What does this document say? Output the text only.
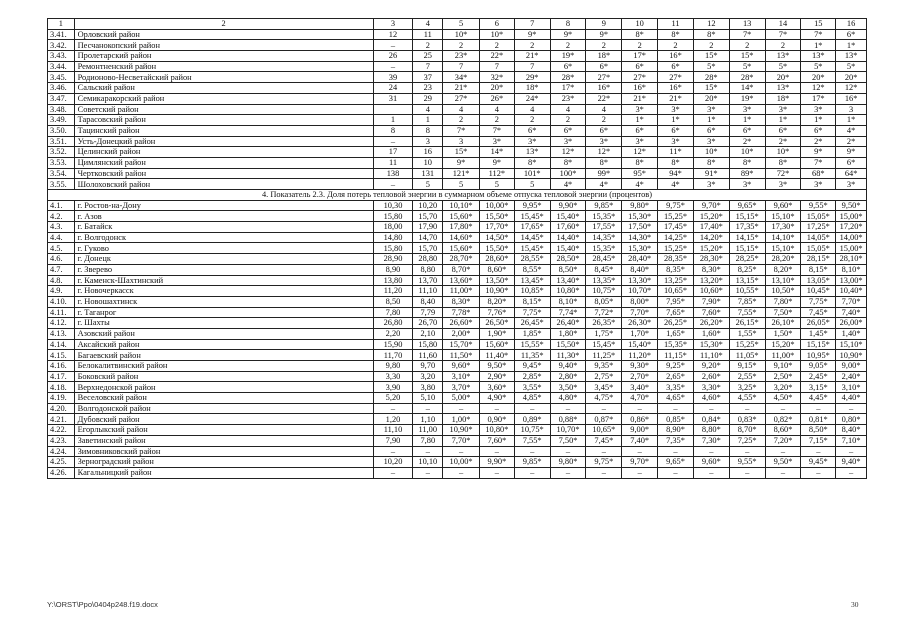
1	2	3	4	5	6	7	8	9	10	11	12	13	14	15	16
3.41.	Орловский район	12	11	10*	10*	9*	9*	9*	8*	8*	8*	7*	7*	7*	6*
3.42.	Песчанокопский район	–	2	2	2	2	2	2	2	2	2	2	2	1*	1*
3.43.	Пролетарский район	26	25	23*	22*	21*	19*	18*	17*	16*	15*	15*	13*	13*	13*
3.44.	Ремонтненский район	–	7	7	7	7	6*	6*	6*	6*	5*	5*	5*	5*	5*
3.45.	Родионово-Несветайский район	39	37	34*	32*	29*	28*	27*	27*	27*	28*	28*	20*	20*	20*
3.46.	Сальский район	24	23	21*	20*	18*	17*	16*	16*	16*	15*	14*	13*	12*	12*
3.47.	Семикаракорский район	31	29	27*	26*	24*	23*	22*	21*	21*	20*	19*	18*	17*	16*
3.48.	Советский район		4	4	4	4	4	4	3*	3*	3*	3*	3*	3*	3
3.49.	Тарасовский район	1	1	2	2	2	2	2	1*	1*	1*	1*	1*	1*	1*
3.50.	Тацинский район	8	8	7*	7*	6*	6*	6*	6*	6*	6*	6*	6*	6*	4*
3.51.	Усть-Донецкий район	–	3	3	3*	3*	3*	3*	3*	3*	3*	2*	2*	2*	2*
3.52.	Целинский район	17	16	15*	14*	13*	12*	12*	12*	11*	10*	10*	10*	9*	9*
3.53.	Цимлянский район	11	10	9*	9*	8*	8*	8*	8*	8*	8*	8*	8*	7*	6*
3.54.	Чертковский район	138	131	121*	112*	101*	100*	99*	95*	94*	91*	89*	72*	68*	64*
3.55.	Шолоховский район	–	5	5	5	5	4*	4*	4*	4*	3*	3*	3*	3*	3*
4. Показатель 2.3. Доля потерь тепловой энергии в суммарном объеме отпуска тепловой энергии (процентов)															
4.1.	г. Ростов-на-Дону	10,30	10,20	10,10*	10,00*	9,95*	9,90*	9,85*	9,80*	9,75*	9,70*	9,65*	9,60*	9,55*	9,50*
4.2.	г. Азов	15,80	15,70	15,60*	15,50*	15,45*	15,40*	15,35*	15,30*	15,25*	15,20*	15,15*	15,10*	15,05*	15,00*
4.3.	г. Батайск	18,00	17,90	17,80*	17,70*	17,65*	17,60*	17,55*	17,50*	17,45*	17,40*	17,35*	17,30*	17,25*	17,20*
4.4.	г. Волгодонск	14,80	14,70	14,60*	14,50*	14,45*	14,40*	14,35*	14,30*	14,25*	14,20*	14,15*	14,10*	14,05*	14,00*
4.5.	г. Гуково	15,80	15,70	15,60*	15,50*	15,45*	15,40*	15,35*	15,30*	15,25*	15,20*	15,15*	15,10*	15,05*	15,00*
4.6.	г. Донецк	28,90	28,80	28,70*	28,60*	28,55*	28,50*	28,45*	28,40*	28,35*	28,30*	28,25*	28,20*	28,15*	28,10*
4.7.	г. Зверево	8,90	8,80	8,70*	8,60*	8,55*	8,50*	8,45*	8,40*	8,35*	8,30*	8,25*	8,20*	8,15*	8,10*
4.8.	г. Каменск-Шахтинский	13,80	13,70	13,60*	13,50*	13,45*	13,40*	13,35*	13,30*	13,25*	13,20*	13,15*	13,10*	13,05*	13,00*
4.9.	г. Новочеркасск	11,20	11,10	11,00*	10,90*	10,85*	10,80*	10,75*	10,70*	10,65*	10,60*	10,55*	10,50*	10,45*	10,40*
4.10.	г. Новошахтинск	8,50	8,40	8,30*	8,20*	8,15*	8,10*	8,05*	8,00*	7,95*	7,90*	7,85*	7,80*	7,75*	7,70*
4.11.	г. Таганрог	7,80	7,79	7,78*	7,76*	7,75*	7,74*	7,72*	7,70*	7,65*	7,60*	7,55*	7,50*	7,45*	7,40*
4.12.	г. Шахты	26,80	26,70	26,60*	26,50*	26,45*	26,40*	26,35*	26,30*	26,25*	26,20*	26,15*	26,10*	26,05*	26,00*
4.13.	Азовский район	2,20	2,10	2,00*	1,90*	1,85*	1,80*	1,75*	1,70*	1,65*	1,60*	1,55*	1,50*	1,45*	1,40*
4.14.	Аксайский район	15,90	15,80	15,70*	15,60*	15,55*	15,50*	15,45*	15,40*	15,35*	15,30*	15,25*	15,20*	15,15*	15,10*
4.15.	Багаевский район	11,70	11,60	11,50*	11,40*	11,35*	11,30*	11,25*	11,20*	11,15*	11,10*	11,05*	11,00*	10,95*	10,90*
4.16.	Белокалитвинский район	9,80	9,70	9,60*	9,50*	9,45*	9,40*	9,35*	9,30*	9,25*	9,20*	9,15*	9,10*	9,05*	9,00*
4.17.	Боковский район	3,30	3,20	3,10*	2,90*	2,85*	2,80*	2,75*	2,70*	2,65*	2,60*	2,55*	2,50*	2,45*	2,40*
4.18.	Верхнедонской район	3,90	3,80	3,70*	3,60*	3,55*	3,50*	3,45*	3,40*	3,35*	3,30*	3,25*	3,20*	3,15*	3,10*
4.19.	Веселовский район	5,20	5,10	5,00*	4,90*	4,85*	4,80*	4,75*	4,70*	4,65*	4,60*	4,55*	4,50*	4,45*	4,40*
4.20.	Волгодонской район	–	–	–	–	–	–	–	–	–	–	–	–	–	–
4.21.	Дубовский район	1,20	1,10	1,00*	0,90*	0,89*	0,88*	0,87*	0,86*	0,85*	0,84*	0,83*	0,82*	0,81*	0,80*
4.22.	Егорлыкский район	11,10	11,00	10,90*	10,80*	10,75*	10,70*	10,65*	9,00*	8,90*	8,80*	8,70*	8,60*	8,50*	8,40*
4.23.	Заветинский район	7,90	7,80	7,70*	7,60*	7,55*	7,50*	7,45*	7,40*	7,35*	7,30*	7,25*	7,20*	7,15*	7,10*
4.24.	Зимовниковский район	–	–	–	–	–	–	–	–	–	–	–	–	–	–
4.25.	Зерноградский район	10,20	10,10	10,00*	9,90*	9,85*	9,80*	9,75*	9,70*	9,65*	9,60*	9,55*	9,50*	9,45*	9,40*
4.26.	Кагальницкий район	–	–	–	–	–	–	–	–	–	–	–	–	–	–
Y:\ORST\Ppo\0404p248.f19.docx	30
